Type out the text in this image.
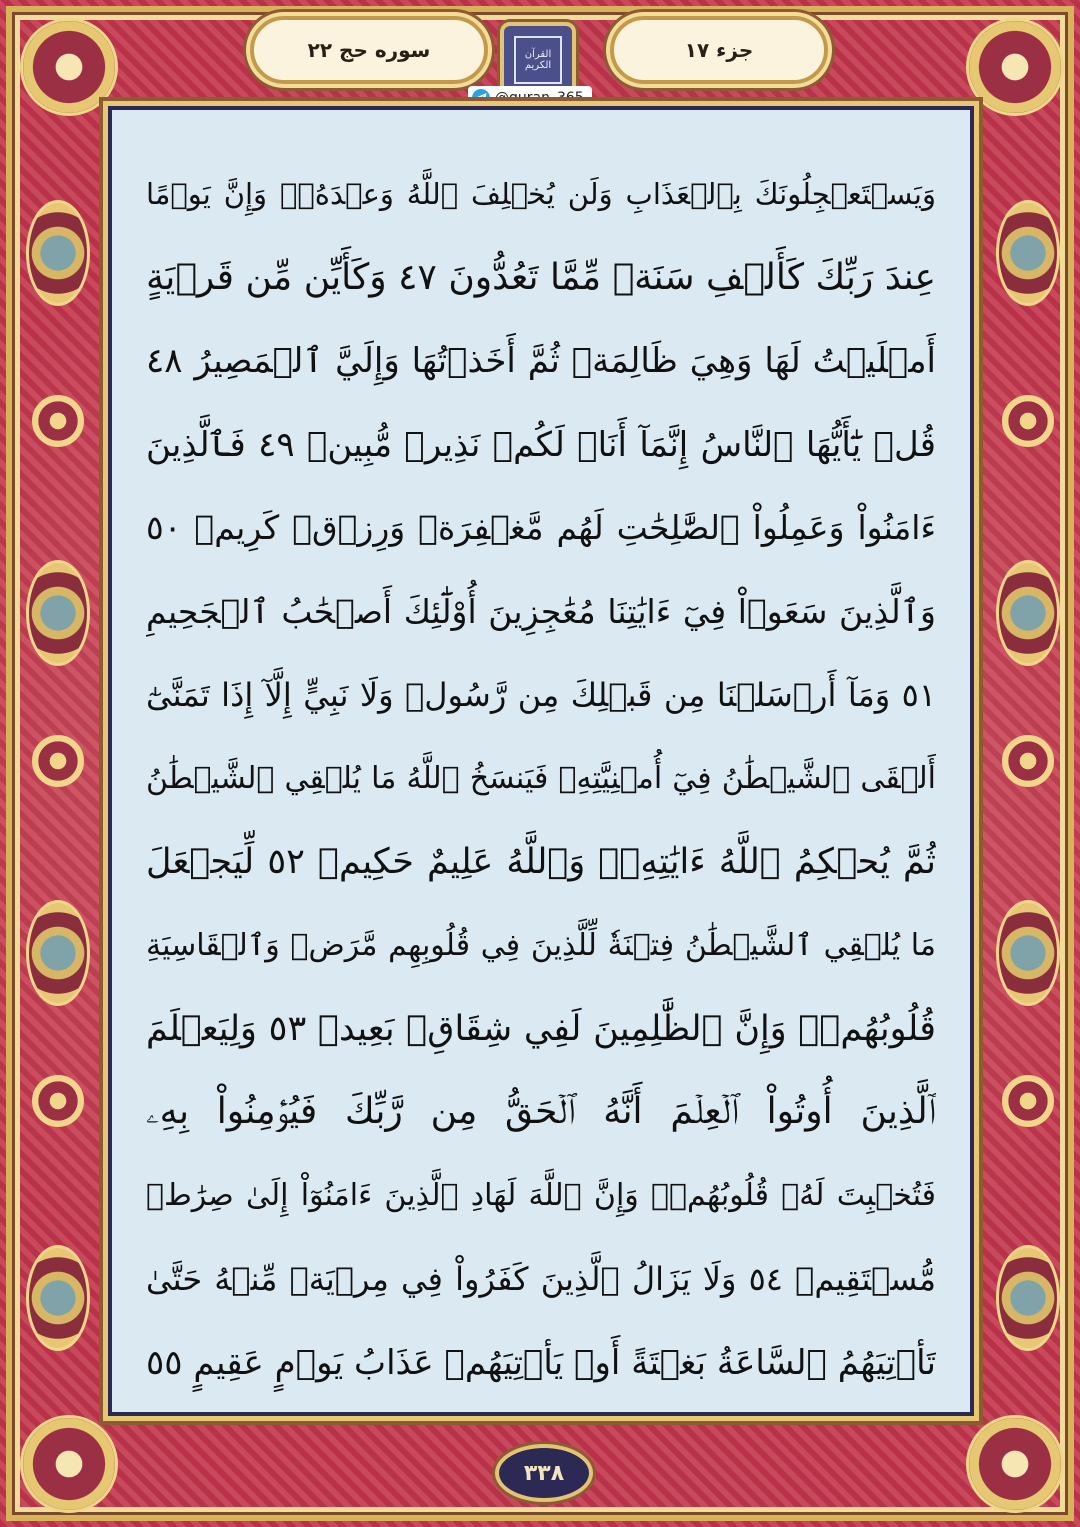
سوره حج ۲۲	القرآن الكريم
جزء ۱۷
@quran_365
وَيَسۡتَعۡجِلُونَكَ بِٱلۡعَذَابِ وَلَن يُخۡلِفَ ٱللَّهُ وَعۡدَهُۥۚ وَإِنَّ يَوۡمًا
عِندَ رَبِّكَ كَأَلۡفِ سَنَةٖ مِّمَّا تَعُدُّونَ ٤٧ وَكَأَيِّن مِّن قَرۡيَةٍ
أَمۡلَيۡتُ لَهَا وَهِيَ ظَالِمَةٞ ثُمَّ أَخَذۡتُهَا وَإِلَيَّ ٱلۡمَصِيرُ ٤٨
قُلۡ يَٰٓأَيُّهَا ٱلنَّاسُ إِنَّمَآ أَنَا۠ لَكُمۡ نَذِيرٞ مُّبِينٞ ٤٩ فَٱلَّذِينَ
ءَامَنُواْ وَعَمِلُواْ ٱلصَّٰلِحَٰتِ لَهُم مَّغۡفِرَةٞ وَرِزۡقٞ كَرِيمٞ ٥٠
وَٱلَّذِينَ سَعَوۡاْ فِيٓ ءَايَٰتِنَا مُعَٰجِزِينَ أُوْلَٰٓئِكَ أَصۡحَٰبُ ٱلۡجَحِيمِ
٥١ وَمَآ أَرۡسَلۡنَا مِن قَبۡلِكَ مِن رَّسُولٖ وَلَا نَبِيٍّ إِلَّآ إِذَا تَمَنَّىٰٓ
أَلۡقَى ٱلشَّيۡطَٰنُ فِيٓ أُمۡنِيَّتِهِۦ فَيَنسَخُ ٱللَّهُ مَا يُلۡقِي ٱلشَّيۡطَٰنُ
ثُمَّ يُحۡكِمُ ٱللَّهُ ءَايَٰتِهِۦۗ وَٱللَّهُ عَلِيمٌ حَكِيمٞ ٥٢ لِّيَجۡعَلَ
مَا يُلۡقِي ٱلشَّيۡطَٰنُ فِتۡنَةٗ لِّلَّذِينَ فِي قُلُوبِهِم مَّرَضٞ وَٱلۡقَاسِيَةِ
قُلُوبُهُمۡۗ وَإِنَّ ٱلظَّٰلِمِينَ لَفِي شِقَاقِۭ بَعِيدٖ ٥٣ وَلِيَعۡلَمَ
ٱلَّذِينَ أُوتُواْ ٱلۡعِلۡمَ أَنَّهُ ٱلۡحَقُّ مِن رَّبِّكَ فَيُؤۡمِنُواْ بِهِۦ
فَتُخۡبِتَ لَهُۥ قُلُوبُهُمۡۗ وَإِنَّ ٱللَّهَ لَهَادِ ٱلَّذِينَ ءَامَنُوٓاْ إِلَىٰ صِرَٰطٖ
مُّسۡتَقِيمٖ ٥٤ وَلَا يَزَالُ ٱلَّذِينَ كَفَرُواْ فِي مِرۡيَةٖ مِّنۡهُ حَتَّىٰ
تَأۡتِيَهُمُ ٱلسَّاعَةُ بَغۡتَةً أَوۡ يَأۡتِيَهُمۡ عَذَابُ يَوۡمٍ عَقِيمٍ ٥٥
۳۳۸
